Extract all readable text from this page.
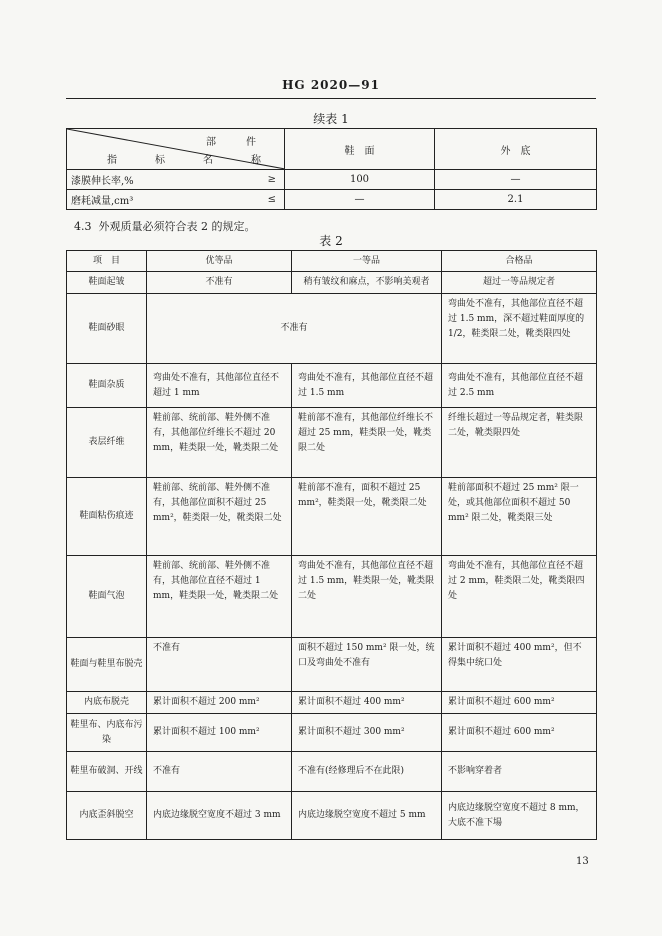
HG 2020—91
续表 1
部　件
指　标　名　称	鞋　面	外　底

漆膜伸长率,% ≥	100	—

磨耗减量,cm³ ≤	—	2.1
4.3 外观质量必须符合表 2 的规定。
表 2
项　目	优等品	一等品	合格品
鞋面起皱	不准有	稍有皱纹和麻点，不影响美观者	超过一等品规定者
鞋面砂眼	不准有		弯曲处不准有，其他部位直径不超过 1.5 mm，深不超过鞋面厚度的 1/2，鞋类限二处，靴类限四处
鞋面杂质	弯曲处不准有，其他部位直径不超过 1 mm	弯曲处不准有，其他部位直径不超过 1.5 mm	弯曲处不准有，其他部位直径不超过 2.5 mm
表层纤维	鞋前部、统前部、鞋外侧不准有，其他部位纤维长不超过 20 mm，鞋类限一处，靴类限二处	鞋前部不准有，其他部位纤维长不超过 25 mm，鞋类限一处，靴类限二处	纤维长超过一等品规定者，鞋类限二处，靴类限四处
鞋面粘伤痕迹	鞋前部、统前部、鞋外侧不准有，其他部位面积不超过 25 mm²，鞋类限一处，靴类限二处	鞋前部不准有，面积不超过 25 mm²，鞋类限一处，靴类限二处	鞋前部面积不超过 25 mm² 限一处，或其他部位面积不超过 50 mm² 限二处，靴类限三处
鞋面气泡	鞋前部、统前部、鞋外侧不准有，其他部位直径不超过 1 mm，鞋类限一处，靴类限二处	弯曲处不准有，其他部位直径不超过 1.5 mm，鞋类限一处，靴类限二处	弯曲处不准有，其他部位直径不超过 2 mm，鞋类限二处，靴类限四处
鞋面与鞋里布脱壳	不准有	面积不超过 150 mm² 限一处，统口及弯曲处不准有	累计面积不超过 400 mm²，但不得集中统口处
内底布脱壳	累计面积不超过 200 mm²	累计面积不超过 400 mm²	累计面积不超过 600 mm²
鞋里布、内底布污染	累计面积不超过 100 mm²	累计面积不超过 300 mm²	累计面积不超过 600 mm²
鞋里布破洞、开线	不准有	不准有(经修理后不在此限)	不影响穿着者
内底歪斜脱空	内底边缘脱空宽度不超过 3 mm	内底边缘脱空宽度不超过 5 mm	内底边缘脱空宽度不超过 8 mm，大底不准下場
13
